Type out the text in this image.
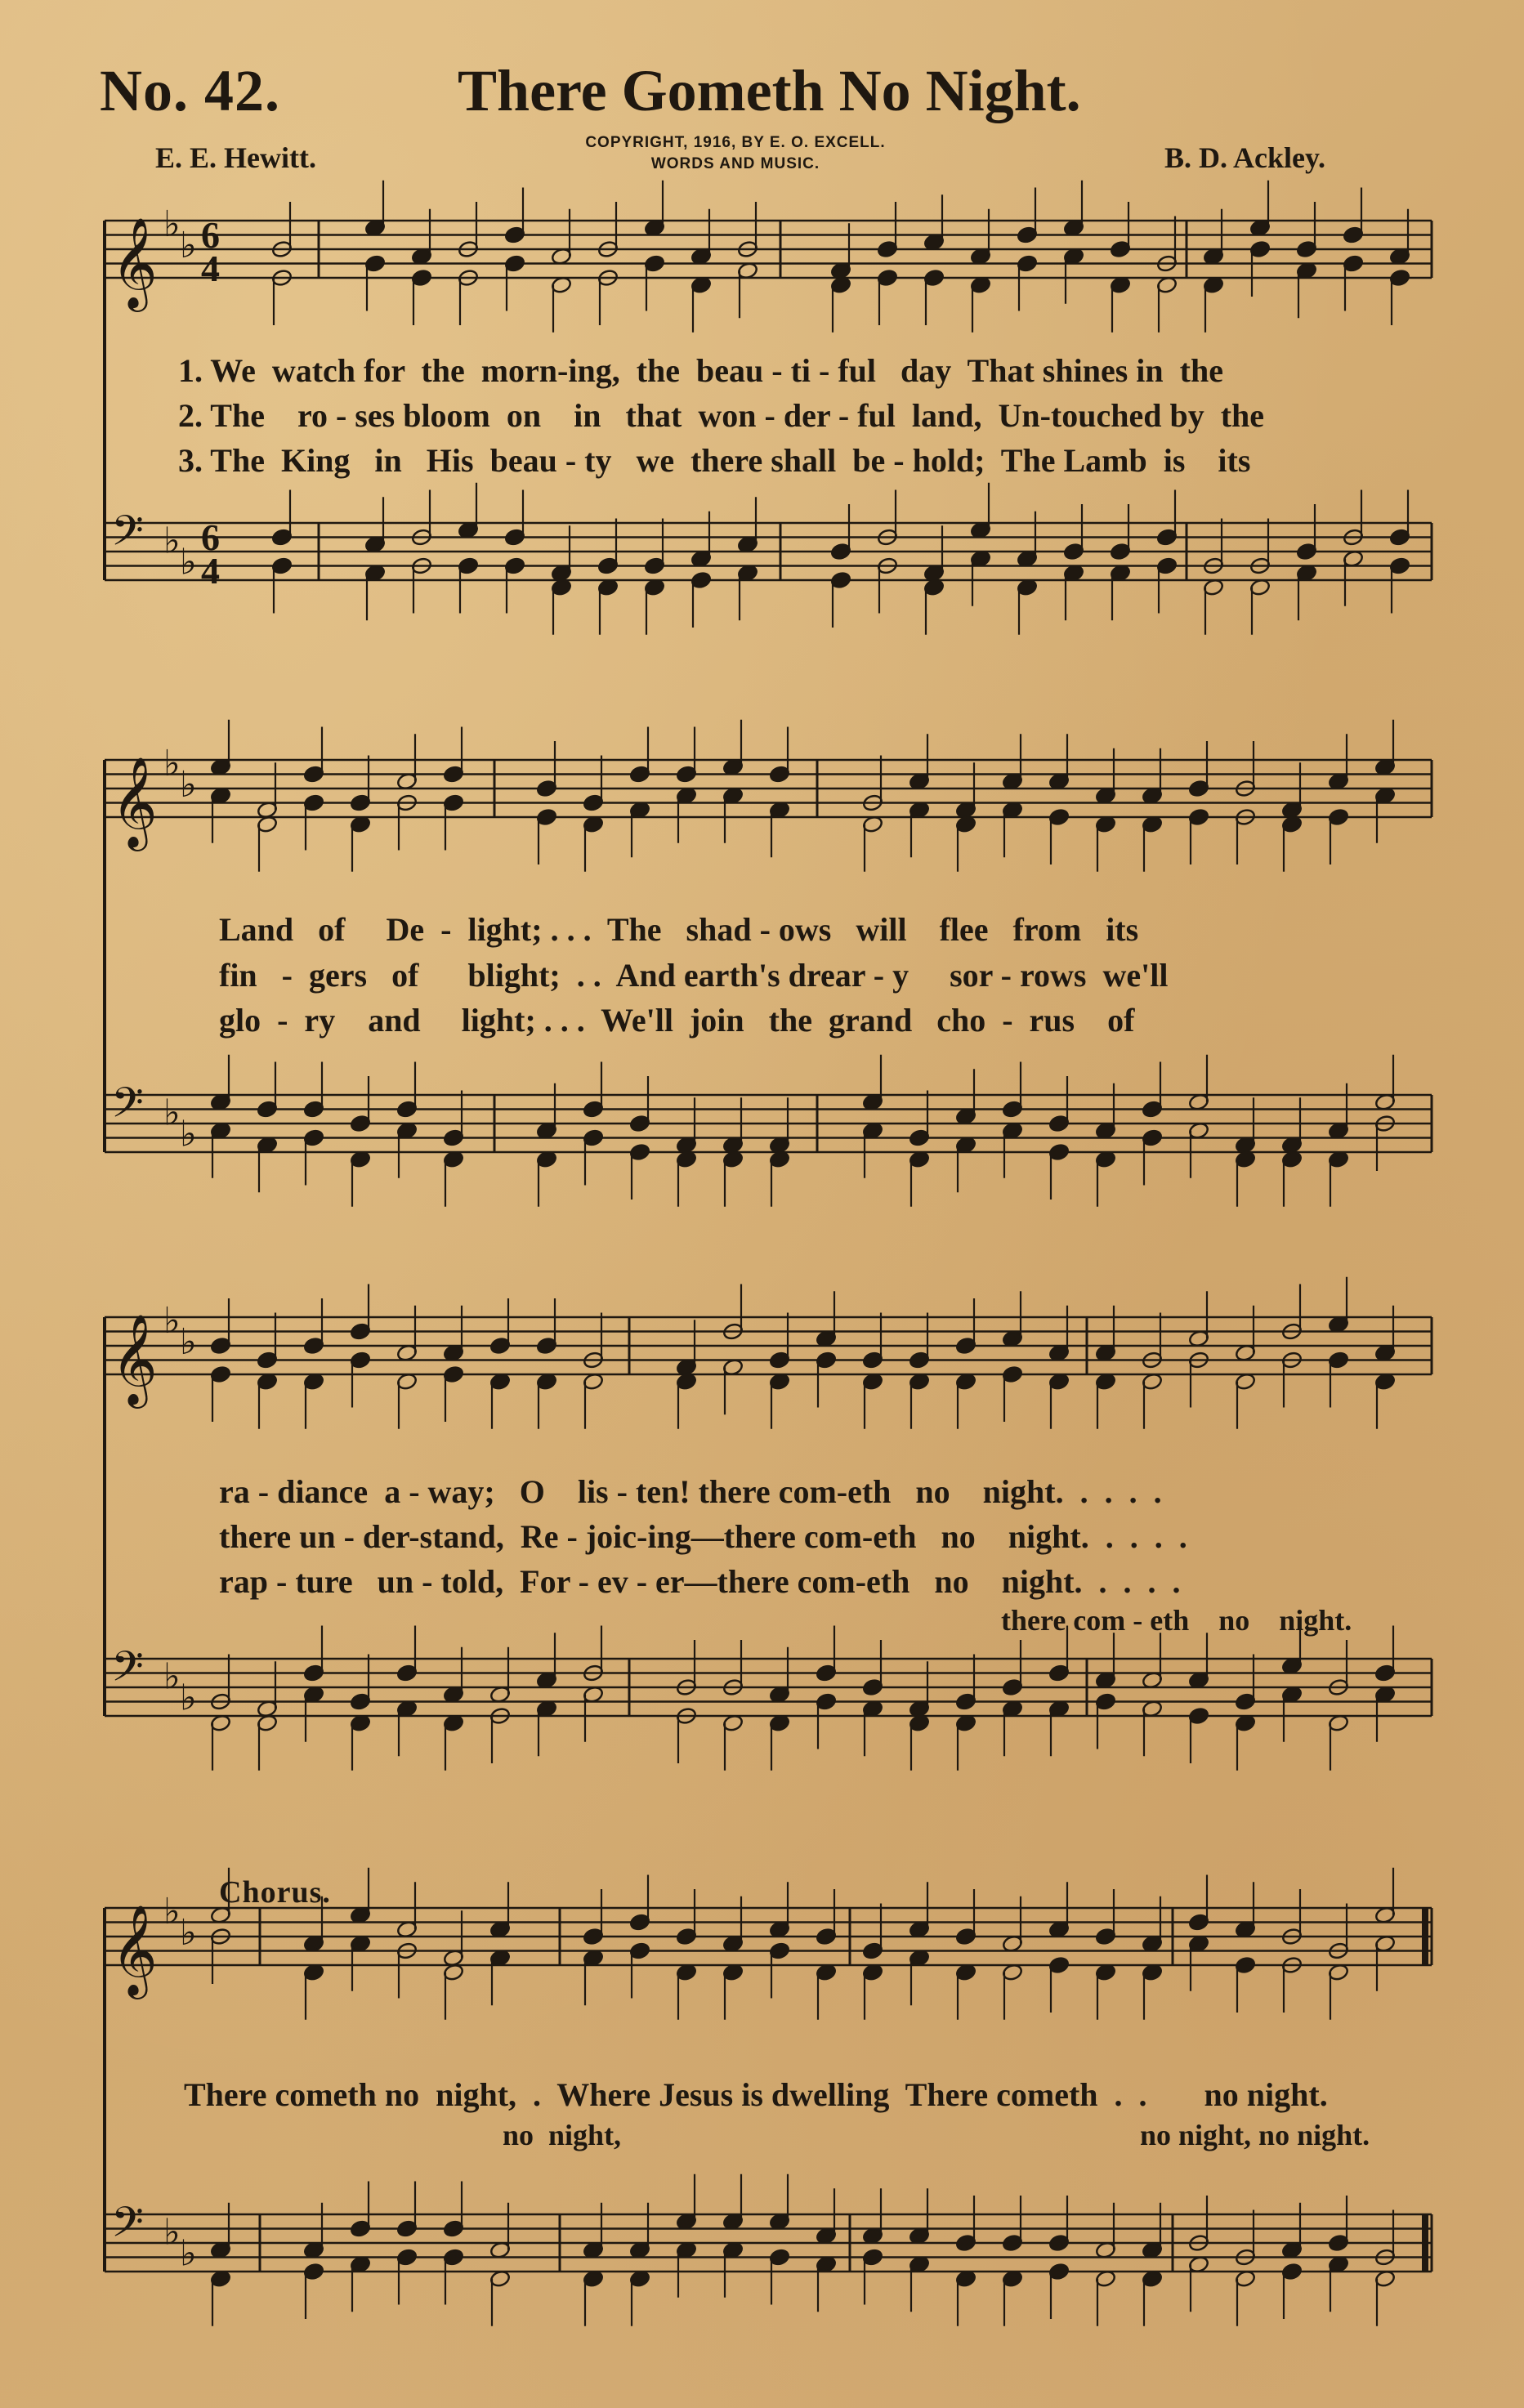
No. 42.	There Gometh No Night.
E. E. Hewitt.	COPYRIGHT, 1916, BY E. O. EXCELL.
WORDS AND MUSIC.	B. D. Ackley.
𝄞 ♭
♭ 6
4
𝄢 ♭
♭
6
4
𝄞 ♭
♭
𝄢 ♭
♭
𝄞 ♭
♭
𝄢 ♭
♭
𝄞 ♭
♭
𝄢 ♭
♭
1. We  watch for  the  morn-ing,  the  beau - ti - ful   day  That shines in  the
2. The    ro - ses bloom  on    in   that  won - der - ful  land,  Un-touched by  the
3. The  King   in   His  beau - ty   we  there shall  be - hold;  The Lamb  is    its
Land   of     De  -  light; . . .  The   shad - ows   will    flee   from   its
fin   -  gers   of      blight;  . .  And earth's drear - y     sor - rows  we'll
glo  -  ry    and     light; . . .  We'll  join   the  grand   cho  -  rus    of
ra - diance  a - way;   O    lis - ten! there com-eth   no    night.  .  .  .  .
there un - der-stand,  Re - joic-ing—there com-eth   no    night.  .  .  .  .
rap - ture   un - told,  For - ev - er—there com-eth   no    night.  .  .  .  .
there com - eth    no    night.
Chorus.
There cometh no  night,  .  Where Jesus is dwelling  There cometh  .  .       no night.
no  night,	no night, no night.
